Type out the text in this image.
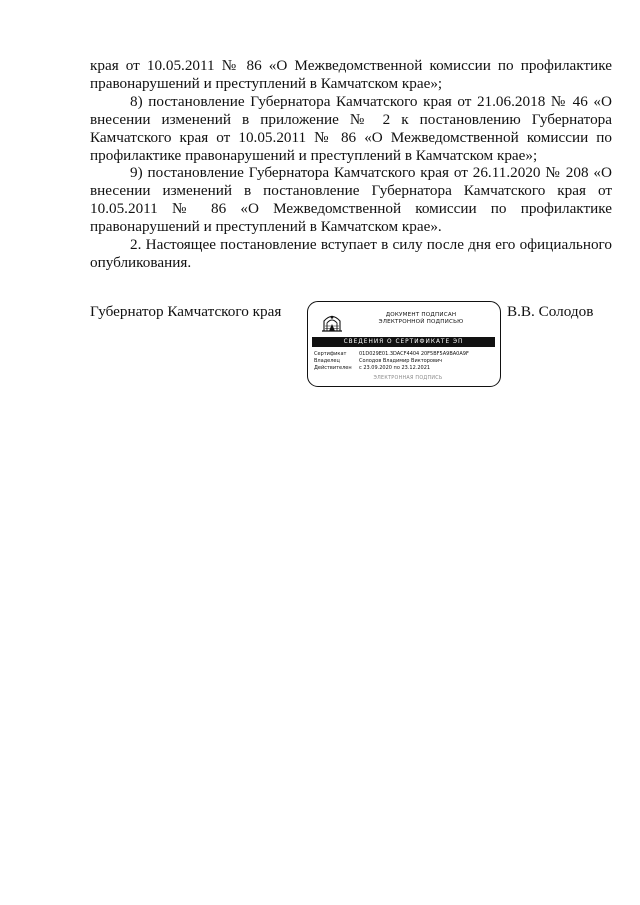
края от 10.05.2011 № 86 «О Межведомственной комиссии по профилактике правонарушений и преступлений в Камчатском крае»;

8) постановление Губернатора Камчатского края от 21.06.2018 № 46 «О внесении изменений в приложение № 2 к постановлению Губернатора Камчатского края от 10.05.2011 № 86 «О Межведомственной комиссии по профилактике правонарушений и преступлений в Камчатском крае»;

9) постановление Губернатора Камчатского края от 26.11.2020 № 208 «О внесении изменений в постановление Губернатора Камчатского края от 10.05.2011 № 86 «О Межведомственной комиссии по профилактике правонарушений и преступлений в Камчатском крае».

2. Настоящее постановление вступает в силу после дня его официального опубликования.

Губернатор Камчатского края	ДОКУМЕНТ ПОДПИСАН
ЭЛЕКТРОННОЙ ПОДПИСЬЮ
СВЕДЕНИЯ О СЕРТИФИКАТЕ ЭП
Сертификат	01D029E01.3DACF4404 20F5BF5A9BA0A9F
Владелец	Солодов Владимир Викторович
Действителен	с 23.09.2020 по 23.12.2021
ЭЛЕКТРОННАЯ ПОДПИСЬ
В.В. Солодов
